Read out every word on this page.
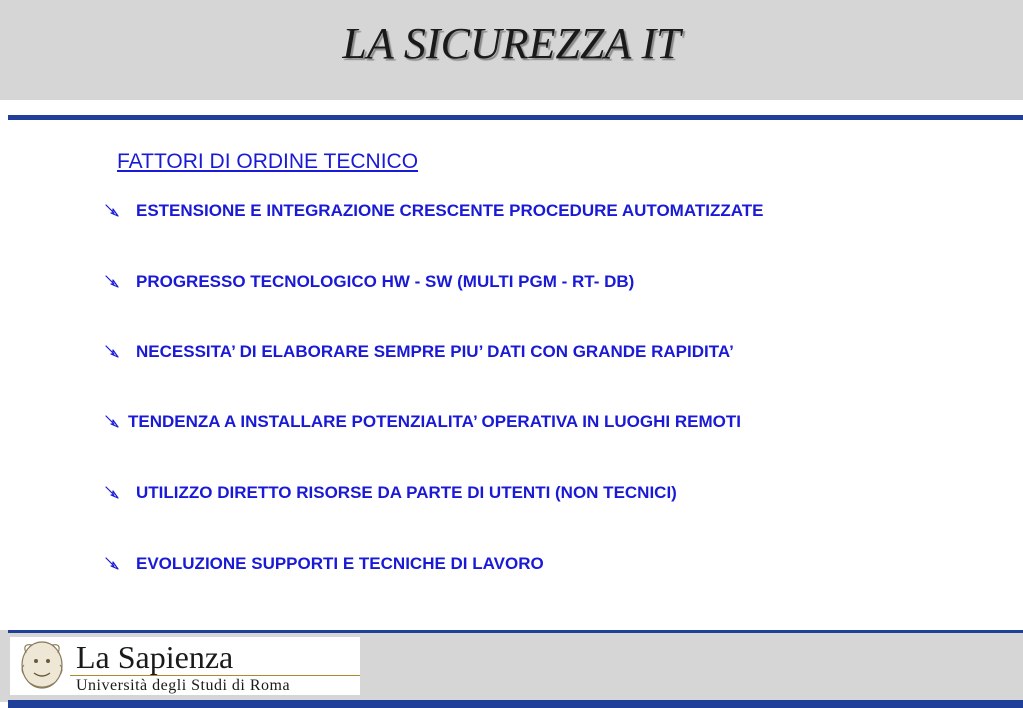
LA SICUREZZA IT
FATTORI DI ORDINE TECNICO
ESTENSIONE E INTEGRAZIONE CRESCENTE PROCEDURE AUTOMATIZZATE
PROGRESSO TECNOLOGICO HW - SW (MULTI PGM - RT- DB)
NECESSITA’ DI ELABORARE SEMPRE PIU’ DATI CON GRANDE RAPIDITA’
TENDENZA A INSTALLARE POTENZIALITA’ OPERATIVA IN LUOGHI REMOTI
UTILIZZO DIRETTO RISORSE DA PARTE DI UTENTI (NON TECNICI)
EVOLUZIONE SUPPORTI E TECNICHE DI LAVORO
La Sapienza
Università degli Studi di Roma
